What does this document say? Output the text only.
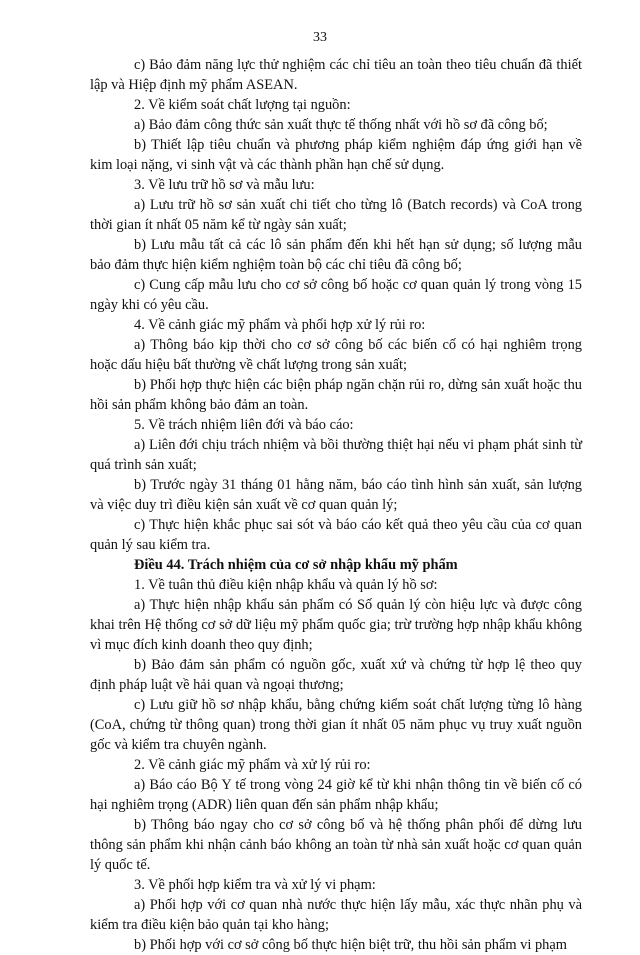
33

c) Bảo đảm năng lực thử nghiệm các chỉ tiêu an toàn theo tiêu chuẩn đã thiết lập và Hiệp định mỹ phẩm ASEAN.

2. Về kiểm soát chất lượng tại nguồn:

a) Bảo đảm công thức sản xuất thực tế thống nhất với hồ sơ đã công bố;

b) Thiết lập tiêu chuẩn và phương pháp kiểm nghiệm đáp ứng giới hạn về kim loại nặng, vi sinh vật và các thành phần hạn chế sử dụng.

3. Về lưu trữ hồ sơ và mẫu lưu:

a) Lưu trữ hồ sơ sản xuất chi tiết cho từng lô (Batch records) và CoA trong thời gian ít nhất 05 năm kể từ ngày sản xuất;

b) Lưu mẫu tất cả các lô sản phẩm đến khi hết hạn sử dụng; số lượng mẫu bảo đảm thực hiện kiểm nghiệm toàn bộ các chỉ tiêu đã công bố;

c) Cung cấp mẫu lưu cho cơ sở công bố hoặc cơ quan quản lý trong vòng 15 ngày khi có yêu cầu.

4. Về cảnh giác mỹ phẩm và phối hợp xử lý rủi ro:

a) Thông báo kịp thời cho cơ sở công bố các biến cố có hại nghiêm trọng hoặc dấu hiệu bất thường về chất lượng trong sản xuất;

b) Phối hợp thực hiện các biện pháp ngăn chặn rủi ro, dừng sản xuất hoặc thu hồi sản phẩm không bảo đảm an toàn.

5. Về trách nhiệm liên đới và báo cáo:

a) Liên đới chịu trách nhiệm và bồi thường thiệt hại nếu vi phạm phát sinh từ quá trình sản xuất;

b) Trước ngày 31 tháng 01 hằng năm, báo cáo tình hình sản xuất, sản lượng và việc duy trì điều kiện sản xuất về cơ quan quản lý;

c) Thực hiện khắc phục sai sót và báo cáo kết quả theo yêu cầu của cơ quan quản lý sau kiểm tra.

Điều 44. Trách nhiệm của cơ sở nhập khẩu mỹ phẩm

1. Về tuân thủ điều kiện nhập khẩu và quản lý hồ sơ:

a) Thực hiện nhập khẩu sản phẩm có Số quản lý còn hiệu lực và được công khai trên Hệ thống cơ sở dữ liệu mỹ phẩm quốc gia; trừ trường hợp nhập khẩu không vì mục đích kinh doanh theo quy định;

b) Bảo đảm sản phẩm có nguồn gốc, xuất xứ và chứng từ hợp lệ theo quy định pháp luật về hải quan và ngoại thương;

c) Lưu giữ hồ sơ nhập khẩu, bằng chứng kiểm soát chất lượng từng lô hàng (CoA, chứng từ thông quan) trong thời gian ít nhất 05 năm phục vụ truy xuất nguồn gốc và kiểm tra chuyên ngành.

2. Về cảnh giác mỹ phẩm và xử lý rủi ro:

a) Báo cáo Bộ Y tế trong vòng 24 giờ kể từ khi nhận thông tin về biến cố có hại nghiêm trọng (ADR) liên quan đến sản phẩm nhập khẩu;

b) Thông báo ngay cho cơ sở công bố và hệ thống phân phối để dừng lưu thông sản phẩm khi nhận cảnh báo không an toàn từ nhà sản xuất hoặc cơ quan quản lý quốc tế.

3. Về phối hợp kiểm tra và xử lý vi phạm:

a) Phối hợp với cơ quan nhà nước thực hiện lấy mẫu, xác thực nhãn phụ và kiểm tra điều kiện bảo quản tại kho hàng;

b) Phối hợp với cơ sở công bố thực hiện biệt trữ, thu hồi sản phẩm vi phạm
